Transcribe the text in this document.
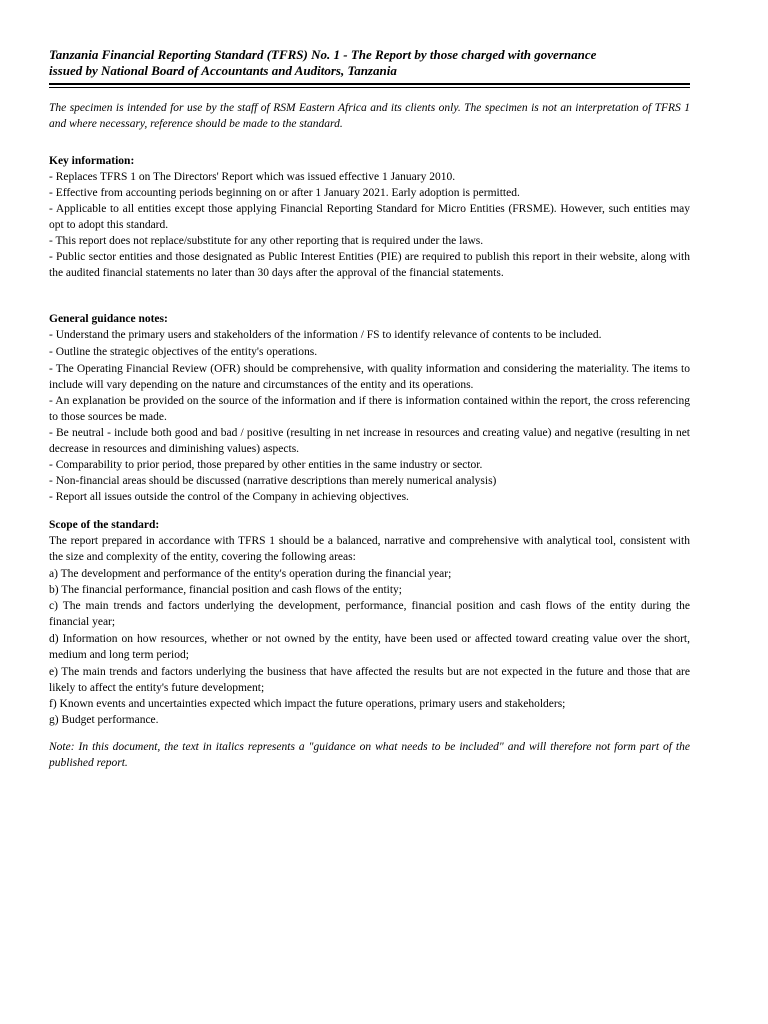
Tanzania Financial Reporting Standard (TFRS) No. 1 - The Report by those charged with governance

issued by National Board of Accountants and Auditors, Tanzania

The specimen is intended for use by the staff of RSM Eastern Africa and its clients only. The specimen is not an interpretation of TFRS 1 and where necessary, reference should be made to the standard.

Key information:

- Replaces TFRS 1 on The Directors' Report which was issued effective 1 January 2010.

- Effective from accounting periods beginning on or after 1 January 2021. Early adoption is permitted.

- Applicable to all entities except those applying Financial Reporting Standard for Micro Entities (FRSME). However, such entities may opt to adopt this standard.

- This report does not replace/substitute for any other reporting that is required under the laws.

- Public sector entities and those designated as Public Interest Entities (PIE) are required to publish this report in their website, along with the audited financial statements no later than 30 days after the approval of the financial statements.

General guidance notes:

- Understand the primary users and stakeholders of the information / FS to identify relevance of contents to be included.

- Outline the strategic objectives of the entity's operations.

- The Operating Financial Review (OFR) should be comprehensive, with quality information and considering the materiality. The items to include will vary depending on the nature and circumstances of the entity and its operations.

- An explanation be provided on the source of the information and if there is information contained within the report, the cross referencing to those sources be made.

- Be neutral - include both good and bad / positive (resulting in net increase in resources and creating value) and negative (resulting in net decrease in resources and diminishing values) aspects.

- Comparability to prior period, those prepared by other entities in the same industry or sector.

- Non-financial areas should be discussed (narrative descriptions than merely numerical analysis)

- Report all issues outside the control of the Company in achieving objectives.

Scope of the standard:

The report prepared in accordance with TFRS 1 should be a balanced, narrative and comprehensive with analytical tool, consistent with the size and complexity of the entity, covering the following areas:

a) The development and performance of the entity's operation during the financial year;

b) The financial performance, financial position and cash flows of the entity;

c) The main trends and factors underlying the development, performance, financial position and cash flows of the entity during the financial year;

d) Information on how resources, whether or not owned by the entity, have been used or affected toward creating value over the short, medium and long term period;

e) The main trends and factors underlying the business that have affected the results but are not expected in the future and those that are likely to affect the entity's future development;

f) Known events and uncertainties expected which impact the future operations, primary users and stakeholders;

g) Budget performance.

Note: In this document, the text in italics represents a "guidance on what needs to be included" and will therefore not form part of the published report.
